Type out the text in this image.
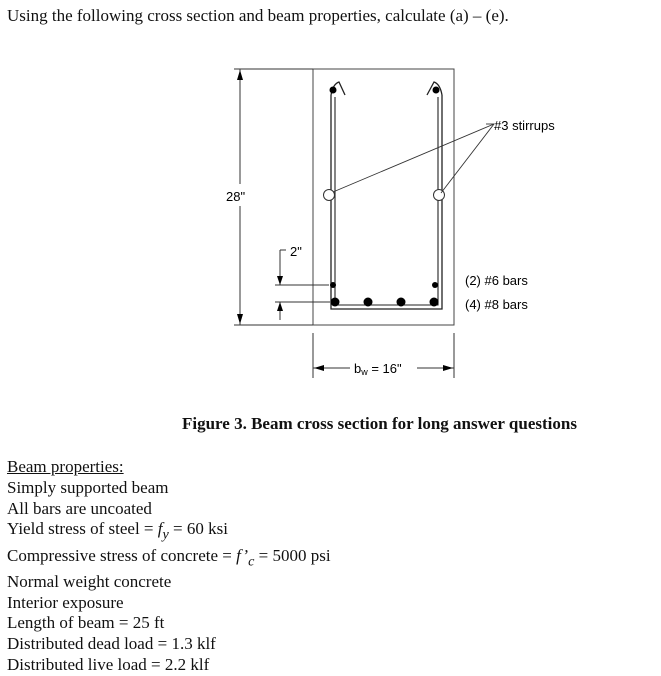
Using the following cross section and beam properties, calculate (a) – (e).
28"
2"
bw = 16"
#3 stirrups
(2) #6 bars
(4) #8 bars
Figure 3. Beam cross section for long answer questions
Beam properties:
Simply supported beam
All bars are uncoated
Yield stress of steel = $f_y = 60$ ksi
Compressive stress of concrete = $f’_c = 5000$ psi
Normal weight concrete
Interior exposure
Length of beam = 25 ft
Distributed dead load = 1.3 klf
Distributed live load = 2.2 klf
